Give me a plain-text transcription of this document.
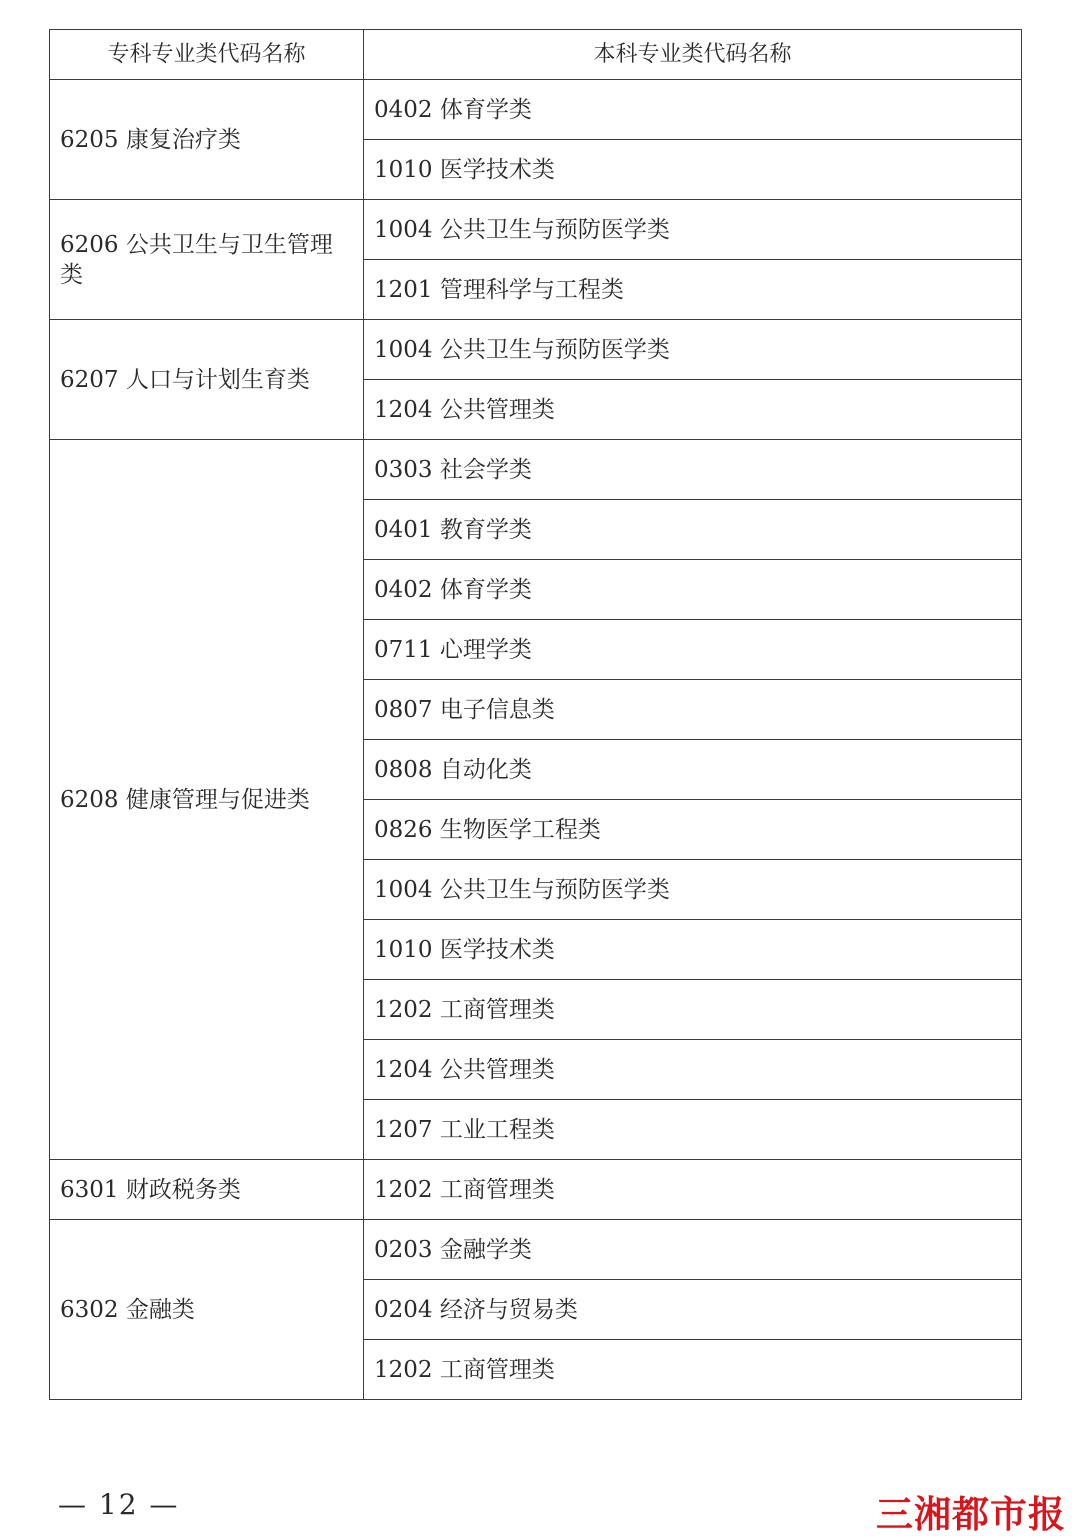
专科专业类代码名称	本科专业类代码名称
6205 康复治疗类	0402 体育学类
	1010 医学技术类
6206 公共卫生与卫生管理类	1004 公共卫生与预防医学类
	1201 管理科学与工程类
6207 人口与计划生育类	1004 公共卫生与预防医学类
	1204 公共管理类
6208 健康管理与促进类	0303 社会学类
	0401 教育学类
	0402 体育学类
	0711 心理学类
	0807 电子信息类
	0808 自动化类
	0826 生物医学工程类
	1004 公共卫生与预防医学类
	1010 医学技术类
	1202 工商管理类
	1204 公共管理类
	1207 工业工程类
6301 财政税务类	1202 工商管理类
6302 金融类	0203 金融学类
	0204 经济与贸易类
	1202 工商管理类
— 12 —	三湘都市报
